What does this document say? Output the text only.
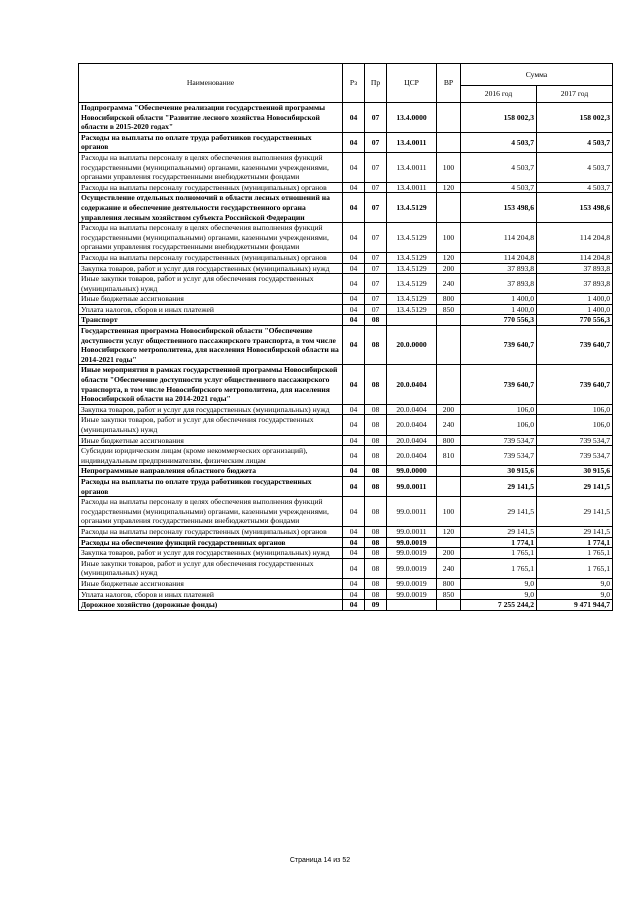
Наименование	Рз	Пр	ЦСР	ВР	Сумма	
					2016 год	2017 год
Подпрограмма "Обеспечение реализации государственной программы Новосибирской области "Развитие лесного хозяйства Новосибирской области в 2015-2020 годах"	04	07	13.4.0000		158 002,3	158 002,3
Расходы на выплаты по оплате труда работников государственных органов	04	07	13.4.0011		4 503,7	4 503,7
Расходы на выплаты персоналу в целях обеспечения выполнения функций государственными (муниципальными) органами, казенными учреждениями, органами управления государственными внебюджетными фондами	04	07	13.4.0011	100	4 503,7	4 503,7
Расходы на выплаты персоналу государственных (муниципальных) органов	04	07	13.4.0011	120	4 503,7	4 503,7
Осуществление отдельных полномочий в области лесных отношений на содержание и обеспечение деятельности государственного органа управления лесным хозяйством субъекта Российской Федерации	04	07	13.4.5129		153 498,6	153 498,6
Расходы на выплаты персоналу в целях обеспечения выполнения функций государственными (муниципальными) органами, казенными учреждениями, органами управления государственными внебюджетными фондами	04	07	13.4.5129	100	114 204,8	114 204,8
Расходы на выплаты персоналу государственных (муниципальных) органов	04	07	13.4.5129	120	114 204,8	114 204,8
Закупка товаров, работ и услуг для государственных (муниципальных) нужд	04	07	13.4.5129	200	37 893,8	37 893,8
Иные закупки товаров, работ и услуг для обеспечения государственных (муниципальных) нужд	04	07	13.4.5129	240	37 893,8	37 893,8
Иные бюджетные ассигнования	04	07	13.4.5129	800	1 400,0	1 400,0
Уплата налогов, сборов и иных платежей	04	07	13.4.5129	850	1 400,0	1 400,0
Транспорт	04	08			770 556,3	770 556,3
Государственная программа Новосибирской области "Обеспечение доступности услуг общественного пассажирского транспорта, в том числе Новосибирского метрополитена, для населения Новосибирской области на 2014-2021 годы"	04	08	20.0.0000		739 640,7	739 640,7
Иные мероприятия в рамках государственной программы Новосибирской области "Обеспечение доступности услуг общественного пассажирского транспорта, в том числе Новосибирского метрополитена, для населения Новосибирской области на 2014-2021 годы"	04	08	20.0.0404		739 640,7	739 640,7
Закупка товаров, работ и услуг для государственных (муниципальных) нужд	04	08	20.0.0404	200	106,0	106,0
Иные закупки товаров, работ и услуг для обеспечения государственных (муниципальных) нужд	04	08	20.0.0404	240	106,0	106,0
Иные бюджетные ассигнования	04	08	20.0.0404	800	739 534,7	739 534,7
Субсидии юридическим лицам (кроме некоммерческих организаций), индивидуальным предпринимателям, физическим лицам	04	08	20.0.0404	810	739 534,7	739 534,7
Непрограммные направления областного бюджета	04	08	99.0.0000		30 915,6	30 915,6
Расходы на выплаты по оплате труда работников государственных органов	04	08	99.0.0011		29 141,5	29 141,5
Расходы на выплаты персоналу в целях обеспечения выполнения функций государственными (муниципальными) органами, казенными учреждениями, органами управления государственными внебюджетными фондами	04	08	99.0.0011	100	29 141,5	29 141,5
Расходы на выплаты персоналу государственных (муниципальных) органов	04	08	99.0.0011	120	29 141,5	29 141,5
Расходы на обеспечение функций государственных органов	04	08	99.0.0019		1 774,1	1 774,1
Закупка товаров, работ и услуг для государственных (муниципальных) нужд	04	08	99.0.0019	200	1 765,1	1 765,1
Иные закупки товаров, работ и услуг для обеспечения государственных (муниципальных) нужд	04	08	99.0.0019	240	1 765,1	1 765,1
Иные бюджетные ассигнования	04	08	99.0.0019	800	9,0	9,0
Уплата налогов, сборов и иных платежей	04	08	99.0.0019	850	9,0	9,0
Дорожное хозяйство (дорожные фонды)	04	09			7 255 244,2	9 471 944,7
Страница 14 из 52
